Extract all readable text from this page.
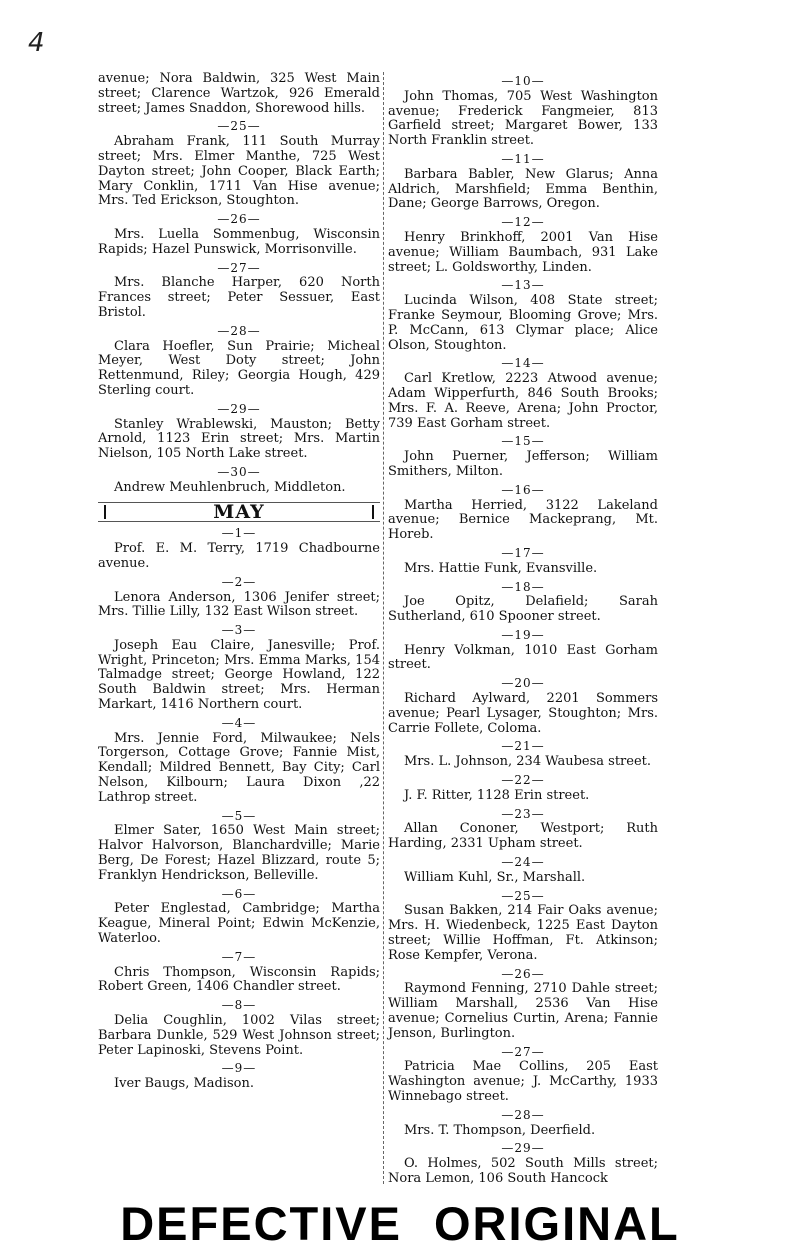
4
avenue; Nora Baldwin, 325 West Main street; Clarence Wartzok, 926 Emerald street; James Snaddon, Shorewood hills.
—25—
Abraham Frank, 111 South Murray street; Mrs. Elmer Manthe, 725 West Dayton street; John Cooper, Black Earth; Mary Conklin, 1711 Van Hise avenue; Mrs. Ted Erickson, Stoughton.
—26—
Mrs. Luella Sommenbug, Wisconsin Rapids; Hazel Punswick, Morrisonville.
—27—
Mrs. Blanche Harper, 620 North Frances street; Peter Sessuer, East Bristol.
—28—
Clara Hoefler, Sun Prairie; Micheal Meyer, West Doty street; John Rettenmund, Riley; Georgia Hough, 429 Sterling court.
—29—
Stanley Wrablewski, Mauston; Betty Arnold, 1123 Erin street; Mrs. Martin Nielson, 105 North Lake street.
—30—
Andrew Meuhlenbruch, Middleton.
MAY
—1—
Prof. E. M. Terry, 1719 Chadbourne avenue.
—2—
Lenora Anderson, 1306 Jenifer street; Mrs. Tillie Lilly, 132 East Wilson street.
—3—
Joseph Eau Claire, Janesville; Prof. Wright, Princeton; Mrs. Emma Marks, 154 Talmadge street; George Howland, 122 South Baldwin street; Mrs. Herman Markart, 1416 Northern court.
—4—
Mrs. Jennie Ford, Milwaukee; Nels Torgerson, Cottage Grove; Fannie Mist, Kendall; Mildred Bennett, Bay City; Carl Nelson, Kilbourn; Laura Dixon ,22 Lathrop street.
—5—
Elmer Sater, 1650 West Main street; Halvor Halvorson, Blanchardville; Marie Berg, De Forest; Hazel Blizzard, route 5; Franklyn Hendrickson, Belleville.
—6—
Peter Englestad, Cambridge; Martha Keague, Mineral Point; Edwin McKenzie, Waterloo.
—7—
Chris Thompson, Wisconsin Rapids; Robert Green, 1406 Chandler street.
—8—
Delia Coughlin, 1002 Vilas street; Barbara Dunkle, 529 West Johnson street; Peter Lapinoski, Stevens Point.
—9—
Iver Baugs, Madison.
—10—
John Thomas, 705 West Washington avenue; Frederick Fangmeier, 813 Garfield street; Margaret Bower, 133 North Franklin street.
—11—
Barbara Babler, New Glarus; Anna Aldrich, Marshfield; Emma Benthin, Dane; George Barrows, Oregon.
—12—
Henry Brinkhoff, 2001 Van Hise avenue; William Baumbach, 931 Lake street; L. Goldsworthy, Linden.
—13—
Lucinda Wilson, 408 State street; Franke Seymour, Blooming Grove; Mrs. P. McCann, 613 Clymar place; Alice Olson, Stoughton.
—14—
Carl Kretlow, 2223 Atwood avenue; Adam Wipperfurth, 846 South Brooks; Mrs. F. A. Reeve, Arena; John Proctor, 739 East Gorham street.
—15—
John Puerner, Jefferson; William Smithers, Milton.
—16—
Martha Herried, 3122 Lakeland avenue; Bernice Mackeprang, Mt. Horeb.
—17—
Mrs. Hattie Funk, Evansville.
—18—
Joe Opitz, Delafield; Sarah Sutherland, 610 Spooner street.
—19—
Henry Volkman, 1010 East Gorham street.
—20—
Richard Aylward, 2201 Sommers avenue; Pearl Lysager, Stoughton; Mrs. Carrie Follete, Coloma.
—21—
Mrs. L. Johnson, 234 Waubesa street.
—22—
J. F. Ritter, 1128 Erin street.
—23—
Allan Cononer, Westport; Ruth Harding, 2331 Upham street.
—24—
William Kuhl, Sr., Marshall.
—25—
Susan Bakken, 214 Fair Oaks avenue; Mrs. H. Wiedenbeck, 1225 East Dayton street; Willie Hoffman, Ft. Atkinson; Rose Kempfer, Verona.
—26—
Raymond Fenning, 2710 Dahle street; William Marshall, 2536 Van Hise avenue; Cornelius Curtin, Arena; Fannie Jenson, Burlington.
—27—
Patricia Mae Collins, 205 East Washington avenue; J. McCarthy, 1933 Winnebago street.
—28—
Mrs. T. Thompson, Deerfield.
—29—
O. Holmes, 502 South Mills street; Nora Lemon, 106 South Hancock
DEFECTIVE ORIGINAL
